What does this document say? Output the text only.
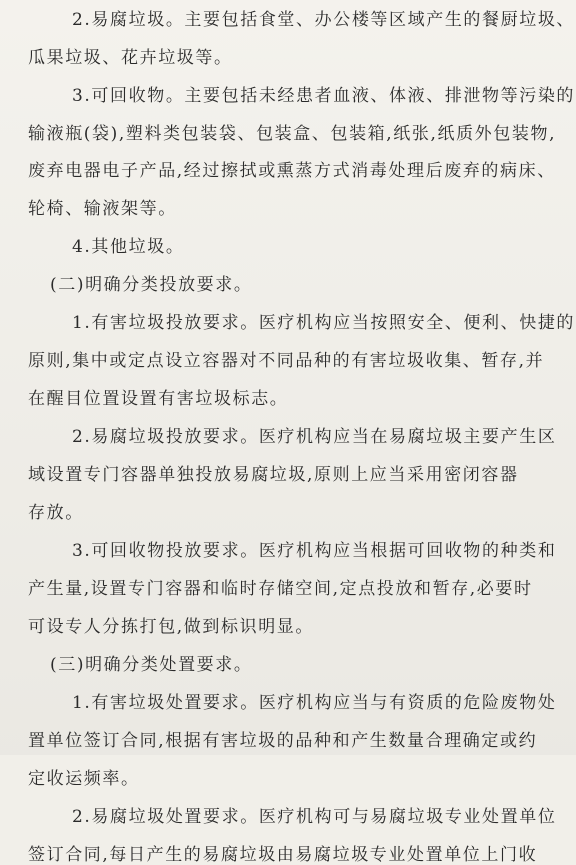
2.易腐垃圾。主要包括食堂、办公楼等区域产生的餐厨垃圾、
瓜果垃圾、花卉垃圾等。
3.可回收物。主要包括未经患者血液、体液、排泄物等污染的
输液瓶(袋),塑料类包装袋、包装盒、包装箱,纸张,纸质外包装物,
废弃电器电子产品,经过擦拭或熏蒸方式消毒处理后废弃的病床、
轮椅、输液架等。
4.其他垃圾。
(二)明确分类投放要求。
1.有害垃圾投放要求。医疗机构应当按照安全、便利、快捷的
原则,集中或定点设立容器对不同品种的有害垃圾收集、暂存,并
在醒目位置设置有害垃圾标志。
2.易腐垃圾投放要求。医疗机构应当在易腐垃圾主要产生区
域设置专门容器单独投放易腐垃圾,原则上应当采用密闭容器
存放。
3.可回收物投放要求。医疗机构应当根据可回收物的种类和
产生量,设置专门容器和临时存储空间,定点投放和暂存,必要时
可设专人分拣打包,做到标识明显。
(三)明确分类处置要求。
1.有害垃圾处置要求。医疗机构应当与有资质的危险废物处
置单位签订合同,根据有害垃圾的品种和产生数量合理确定或约
定收运频率。
2.易腐垃圾处置要求。医疗机构可与易腐垃圾专业处置单位
签订合同,每日产生的易腐垃圾由易腐垃圾专业处置单位上门收
